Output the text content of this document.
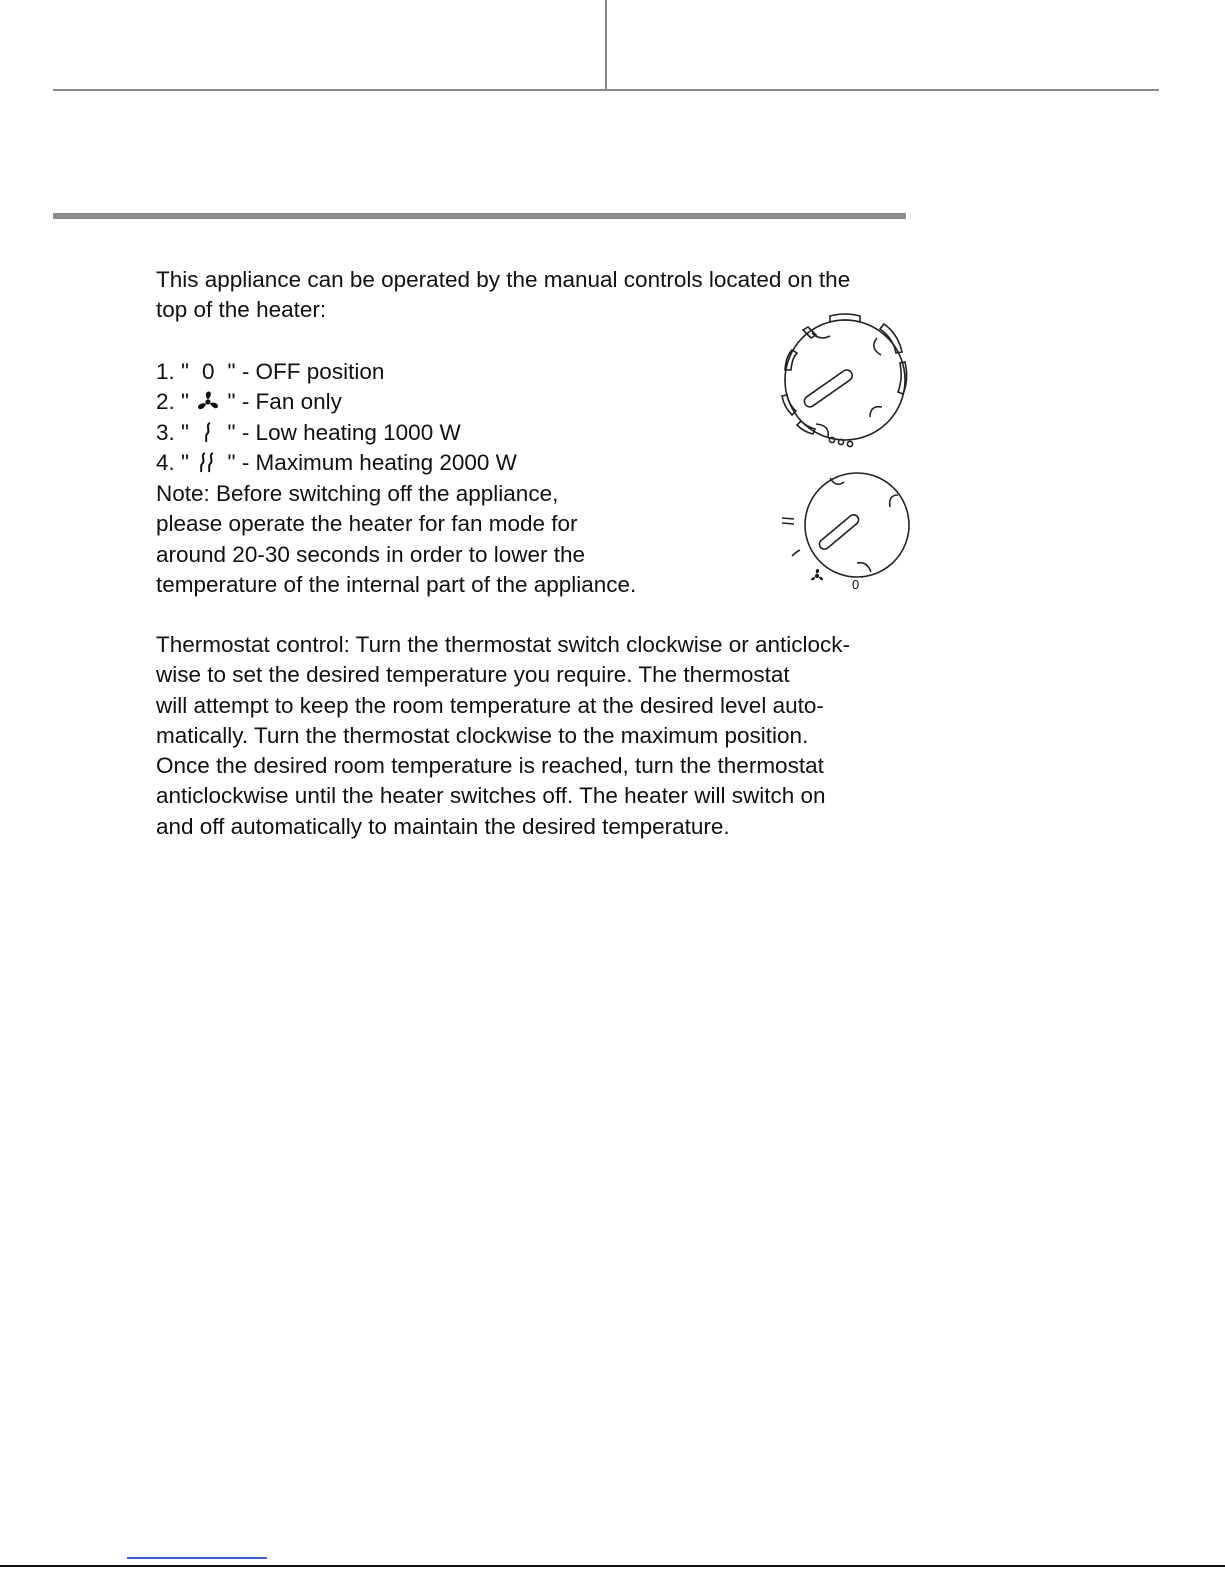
This appliance can be operated by the manual controls located on the
top of the heater:
1. " 0 " - OFF position
2. " " - Fan only
3. " " - Low heating 1000 W
4. " " - Maximum heating 2000 W
Note: Before switching off the appliance,
please operate the heater for fan mode for
around 20-30 seconds in order to lower the
temperature of the internal part of the appliance.	0
Thermostat control: Turn the thermostat switch clockwise or anticlock-
wise to set the desired temperature you require. The thermostat
will attempt to keep the room temperature at the desired level auto-
matically. Turn the thermostat clockwise to the maximum position.
Once the desired room temperature is reached, turn the thermostat
anticlockwise until the heater switches off. The heater will switch on
and off automatically to maintain the desired temperature.
